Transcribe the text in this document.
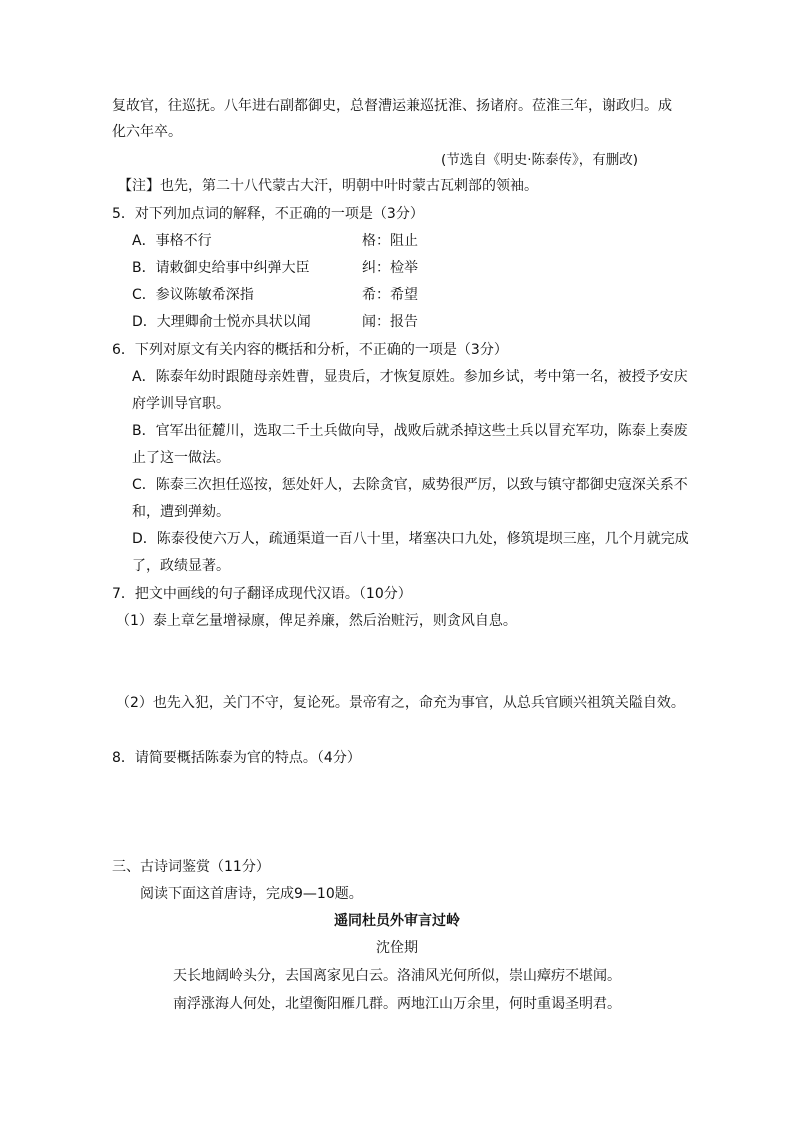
复故官，往巡抚。八年进右副都御史，总督漕运兼巡抚淮、扬诸府。莅淮三年，谢政归。成
化六年卒。
(节选自《明史·陈泰传》，有删改)
【注】也先，第二十八代蒙古大汗，明朝中叶时蒙古瓦剌部的领袖。
5．对下列加点词的解释，不正确的一项是（3分）
A．事格不行	格：阻止
B．请敕御史给事中纠弹大臣	纠：检举
C．参议陈敏希深指	希：希望
D．大理卿俞士悦亦具状以闻	闻：报告
6．下列对原文有关内容的概括和分析，不正确的一项是（3分）
A．陈泰年幼时跟随母亲姓曹，显贵后，才恢复原姓。参加乡试，考中第一名，被授予安庆
府学训导官职。
B．官军出征麓川，选取二千土兵做向导，战败后就杀掉这些土兵以冒充军功，陈泰上奏废
止了这一做法。
C．陈泰三次担任巡按，惩处奸人，去除贪官，威势很严厉，以致与镇守都御史寇深关系不
和，遭到弹劾。
D．陈泰役使六万人，疏通渠道一百八十里，堵塞决口九处，修筑堤坝三座，几个月就完成
了，政绩显著。
7．把文中画线的句子翻译成现代汉语。（10分）
（1）泰上章乞量增禄廪，俾足养廉，然后治赃污，则贪风自息。
（2）也先入犯，关门不守，复论死。景帝宥之，命充为事官，从总兵官顾兴祖筑关隘自效。
8．请简要概括陈泰为官的特点。（4分）
三、古诗词鉴赏（11分）
阅读下面这首唐诗，完成9—10题。
遥同杜员外审言过岭
沈佺期
天长地阔岭头分，去国离家见白云。洛浦风光何所似，崇山瘴疠不堪闻。
南浮涨海人何处，北望衡阳雁几群。两地江山万余里，何时重谒圣明君。
